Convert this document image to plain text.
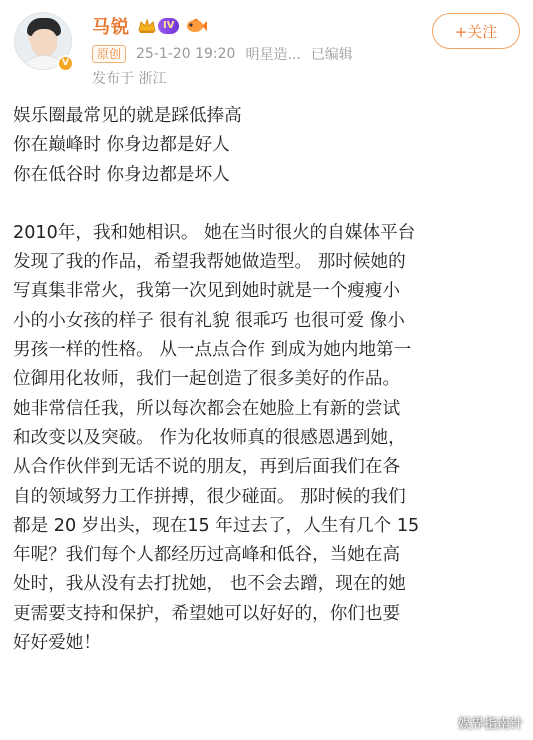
V
马锐	IV
原创	25-1-20 19:20 明星造... 已编辑
发布于 浙江
+关注

娱乐圈最常见的就是踩低捧高

你在巅峰时 你身边都是好人

你在低谷时 你身边都是坏人

2010年，我和她相识。 她在当时很火的自媒体平台

发现了我的作品，希望我帮她做造型。 那时候她的

写真集非常火，我第一次见到她时就是一个瘦瘦小

小的小女孩的样子 很有礼貌 很乖巧 也很可爱 像小

男孩一样的性格。 从一点点合作 到成为她内地第一

位御用化妆师，我们一起创造了很多美好的作品。

她非常信任我，所以每次都会在她脸上有新的尝试

和改变以及突破。 作为化妆师真的很感恩遇到她，

从合作伙伴到无话不说的朋友，再到后面我们在各

自的领域努力工作拼搏，很少碰面。 那时候的我们

都是 20 岁出头，现在15 年过去了，人生有几个 15

年呢？我们每个人都经历过高峰和低谷，当她在高

处时，我从没有去打扰她， 也不会去蹭，现在的她

更需要支持和保护，希望她可以好好的，你们也要

好好爱她！

娱界指南针
